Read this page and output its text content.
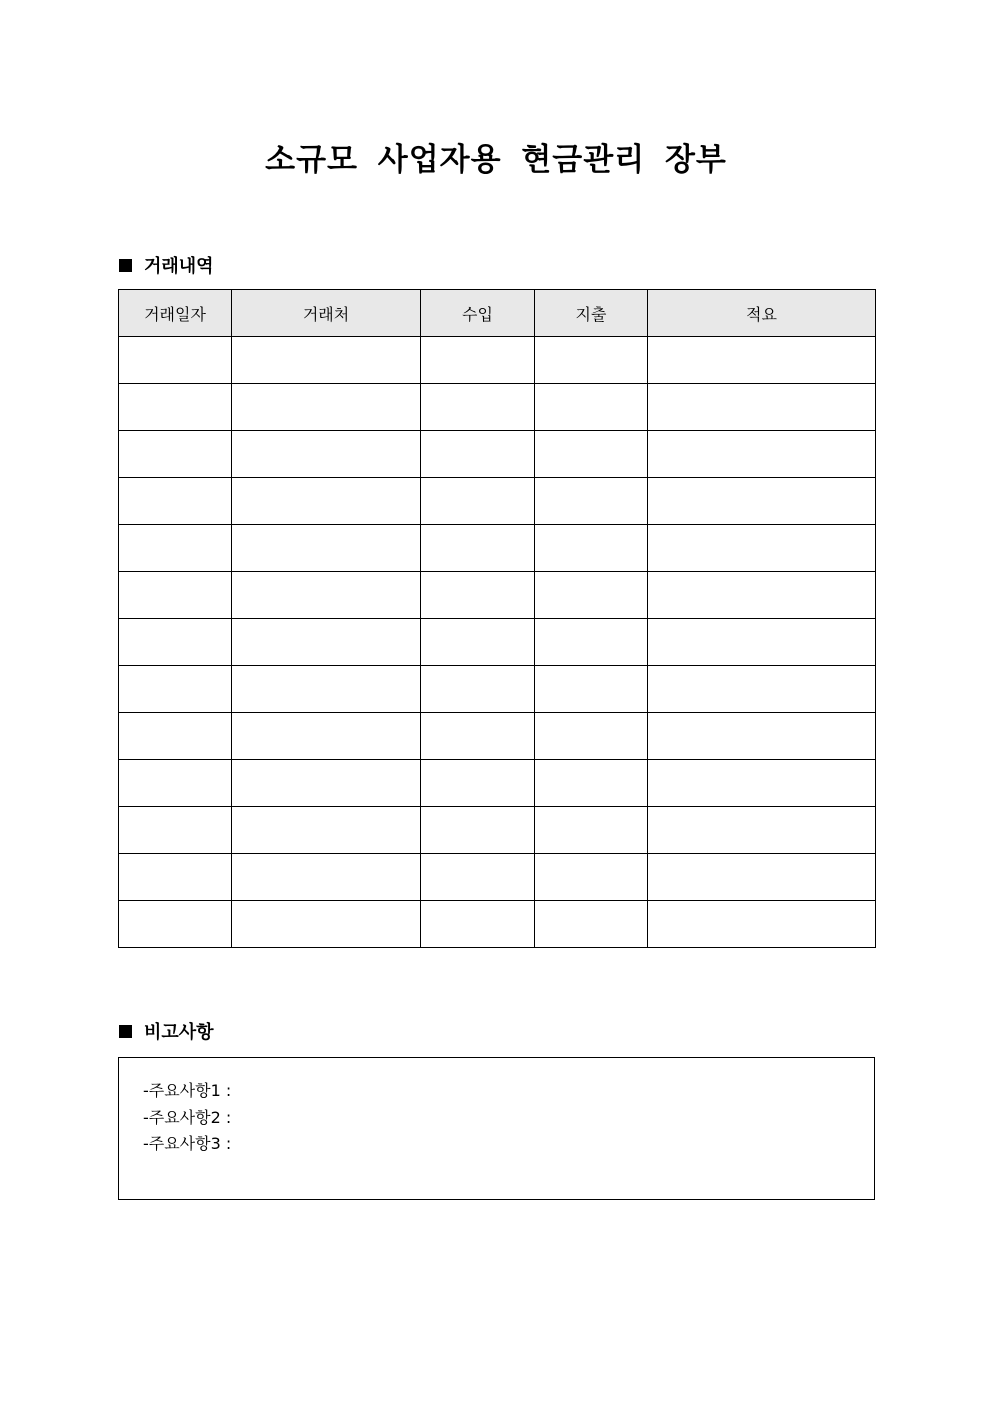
소규모 사업자용 현금관리 장부
거래내역
거래일자	거래처	수입	지출	적요

비고사항
-주요사항1 :
-주요사항2 :
-주요사항3 :
